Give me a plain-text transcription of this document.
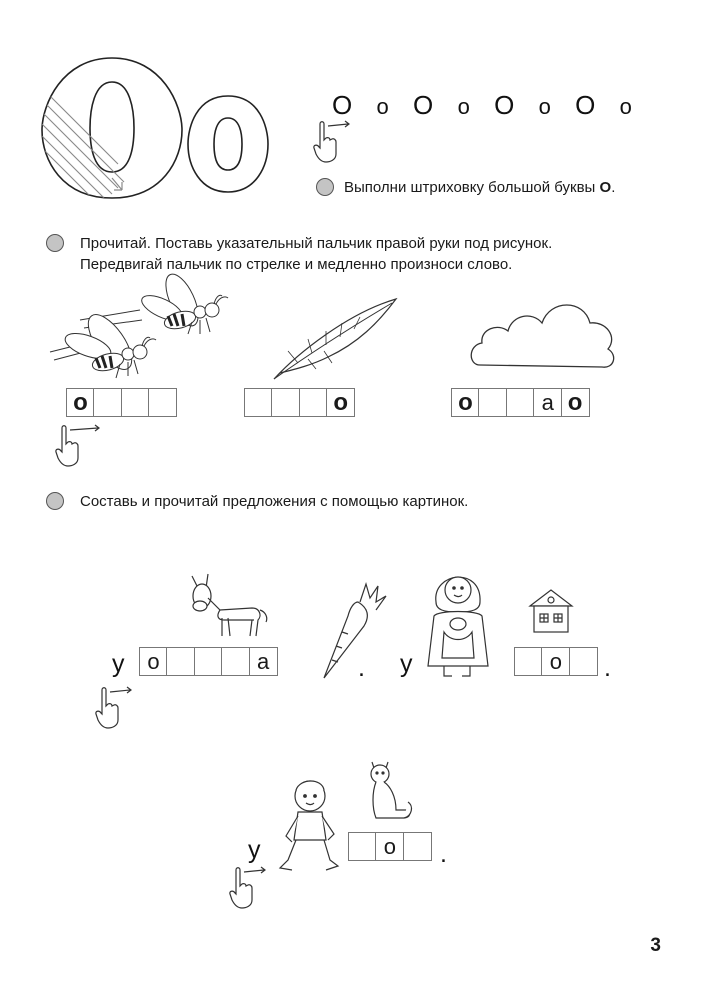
О о О о О о О о
Выполни штриховку большой буквы О.
Прочитай. Поставь указательный пальчик правой руки под рисунок.
Передвигай пальчик по стрелке и медленно произноси слово.
о	о	о	а о
Составь и прочитай предложения с помощью картинок.
у	о	а	. у	о	.
у	о	.
3
